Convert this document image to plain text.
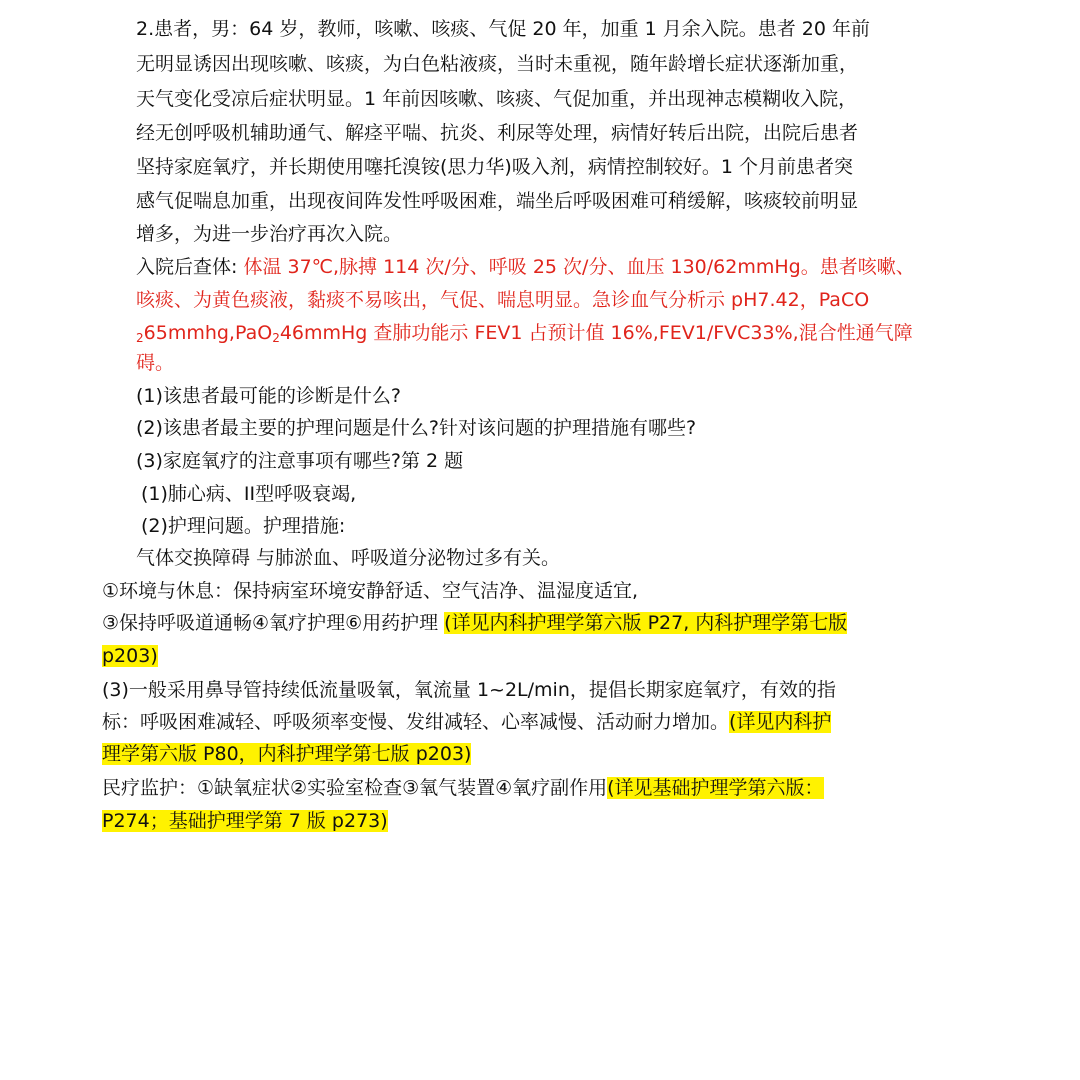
2.患者，男：64 岁，教师，咳嗽、咳痰、气促 20 年，加重 1 月余入院。患者 20 年前
无明显诱因出现咳嗽、咳痰，为白色粘液痰，当时未重视，随年龄增长症状逐渐加重，
天气变化受凉后症状明显。1 年前因咳嗽、咳痰、气促加重，并出现神志模糊收入院，
经无创呼吸机辅助通气、解痉平喘、抗炎、利尿等处理，病情好转后出院，出院后患者
坚持家庭氧疗，并长期使用噻托溴铵(思力华)吸入剂，病情控制较好。1 个月前患者突
感气促喘息加重，出现夜间阵发性呼吸困难，端坐后呼吸困难可稍缓解，咳痰较前明显
增多，为进一步治疗再次入院。
入院后查体: 体温 37℃,脉搏 114 次/分、呼吸 25 次/分、血压 130/62mmHg。患者咳嗽、
咳痰、为黄色痰液，黏痰不易咳出，气促、喘息明显。急诊血气分析示 pH7.42，PaCO
$_2$65mmhg,PaO$_2$46mmHg 查肺功能示 FEV1 占预计值 16%,FEV1/FVC33%,混合性通气障
碍。
(1)该患者最可能的诊断是什么?
(2)该患者最主要的护理问题是什么?针对该问题的护理措施有哪些?
(3)家庭氧疗的注意事项有哪些?第 2 题
(1)肺心病、II型呼吸衰竭,
(2)护理问题。护理措施:
气体交换障碍 与肺淤血、呼吸道分泌物过多有关。
①环境与休息：保持病室环境安静舒适、空气洁净、温湿度适宜,
③保持呼吸道通畅④氧疗护理⑥用药护理 (详见内科护理学第六版 P27, 内科护理学第七版
p203)
(3)一般采用鼻导管持续低流量吸氧，氧流量 1~2L/min，提倡长期家庭氧疗，有效的指
标：呼吸困难减轻、呼吸须率变慢、发绀减轻、心率减慢、活动耐力增加。(详见内科护
理学第六版 P80，内科护理学第七版 p203)
民疗监护：①缺氧症状②实验室检查③氧气装置④氧疗副作用(详见基础护理学第六版：
P274；基础护理学第 7 版 p273)
